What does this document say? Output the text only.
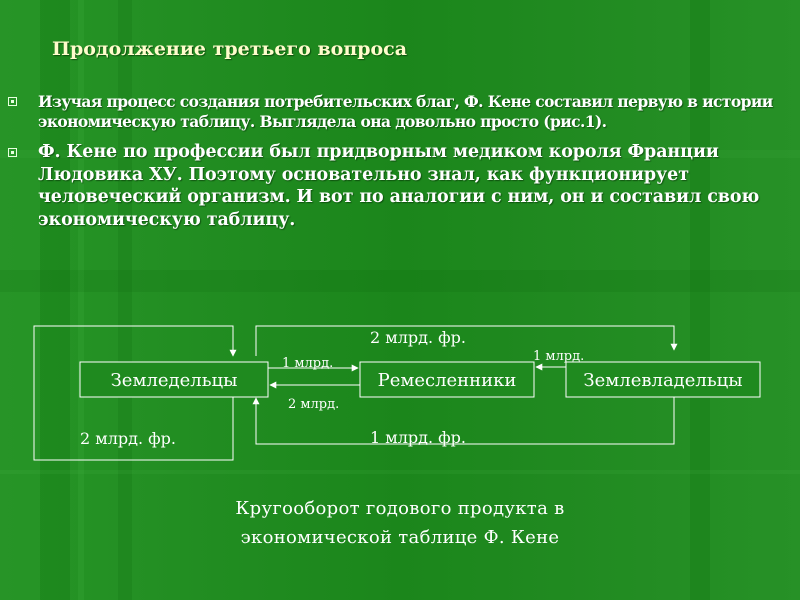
Продолжение третьего вопроса
Изучая процесс создания потребительских благ, Ф. Кене составил первую в истории экономическую таблицу. Выглядела она довольно просто (рис.1).
Ф. Кене по профессии был придворным медиком короля Франции Людовика XУ. Поэтому основательно знал, как функционирует человеческий организм. И вот по аналогии с ним, он и составил свою экономическую таблицу.
Земледельцы	Ремесленники	Землевладельцы
2 млрд. фр.
1 млрд.	1 млрд.
2 млрд.
2 млрд. фр.	1 млрд. фр.
Кругооборот годового продукта в
экономической таблице Ф. Кене
